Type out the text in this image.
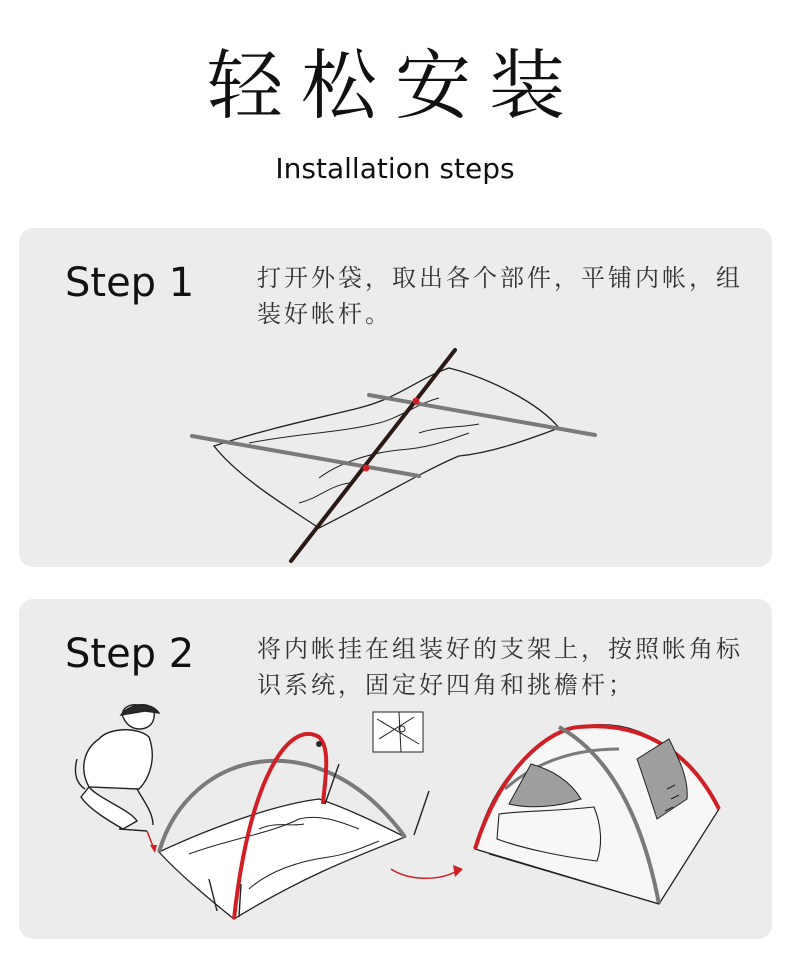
轻松安装
Installation steps
Step 1	打开外袋，取出各个部件，平铺内帐，组装好帐杆。
Step 2	将内帐挂在组装好的支架上，按照帐角标识系统，固定好四角和挑檐杆；
